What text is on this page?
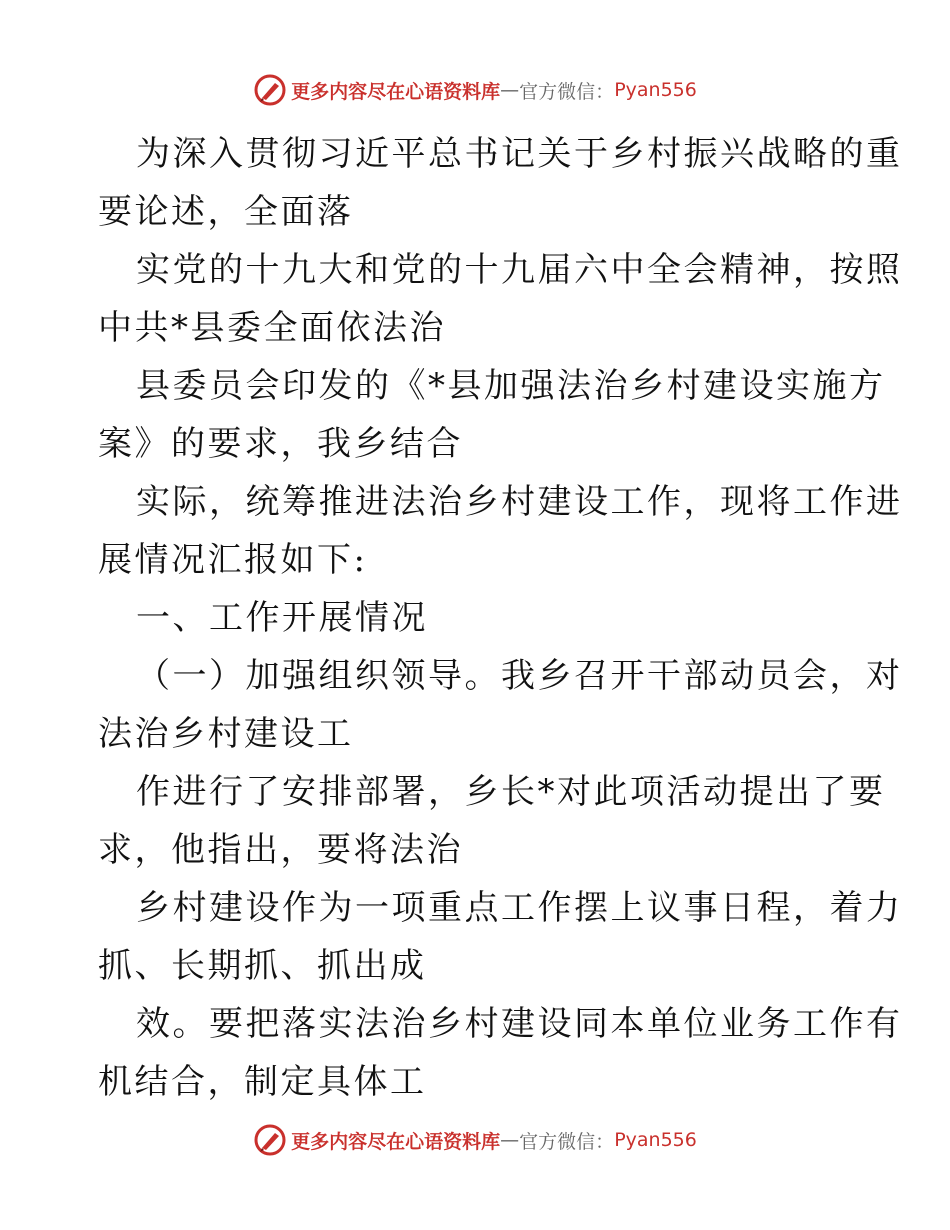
更多内容尽在心语资料库 — 官方微信： Pyan556
为深入贯彻习近平总书记关于乡村振兴战略的重
要论述，全面落
实党的十九大和党的十九届六中全会精神，按照
中共*县委全面依法治
县委员会印发的《*县加强法治乡村建设实施方
案》的要求，我乡结合
实际，统筹推进法治乡村建设工作，现将工作进
展情况汇报如下:
一、工作开展情况
（一）加强组织领导。我乡召开干部动员会，对
法治乡村建设工
作进行了安排部署，乡长*对此项活动提出了要
求，他指出，要将法治
乡村建设作为一项重点工作摆上议事日程，着力
抓、长期抓、抓出成
效。要把落实法治乡村建设同本单位业务工作有
机结合，制定具体工
更多内容尽在心语资料库 — 官方微信： Pyan556
